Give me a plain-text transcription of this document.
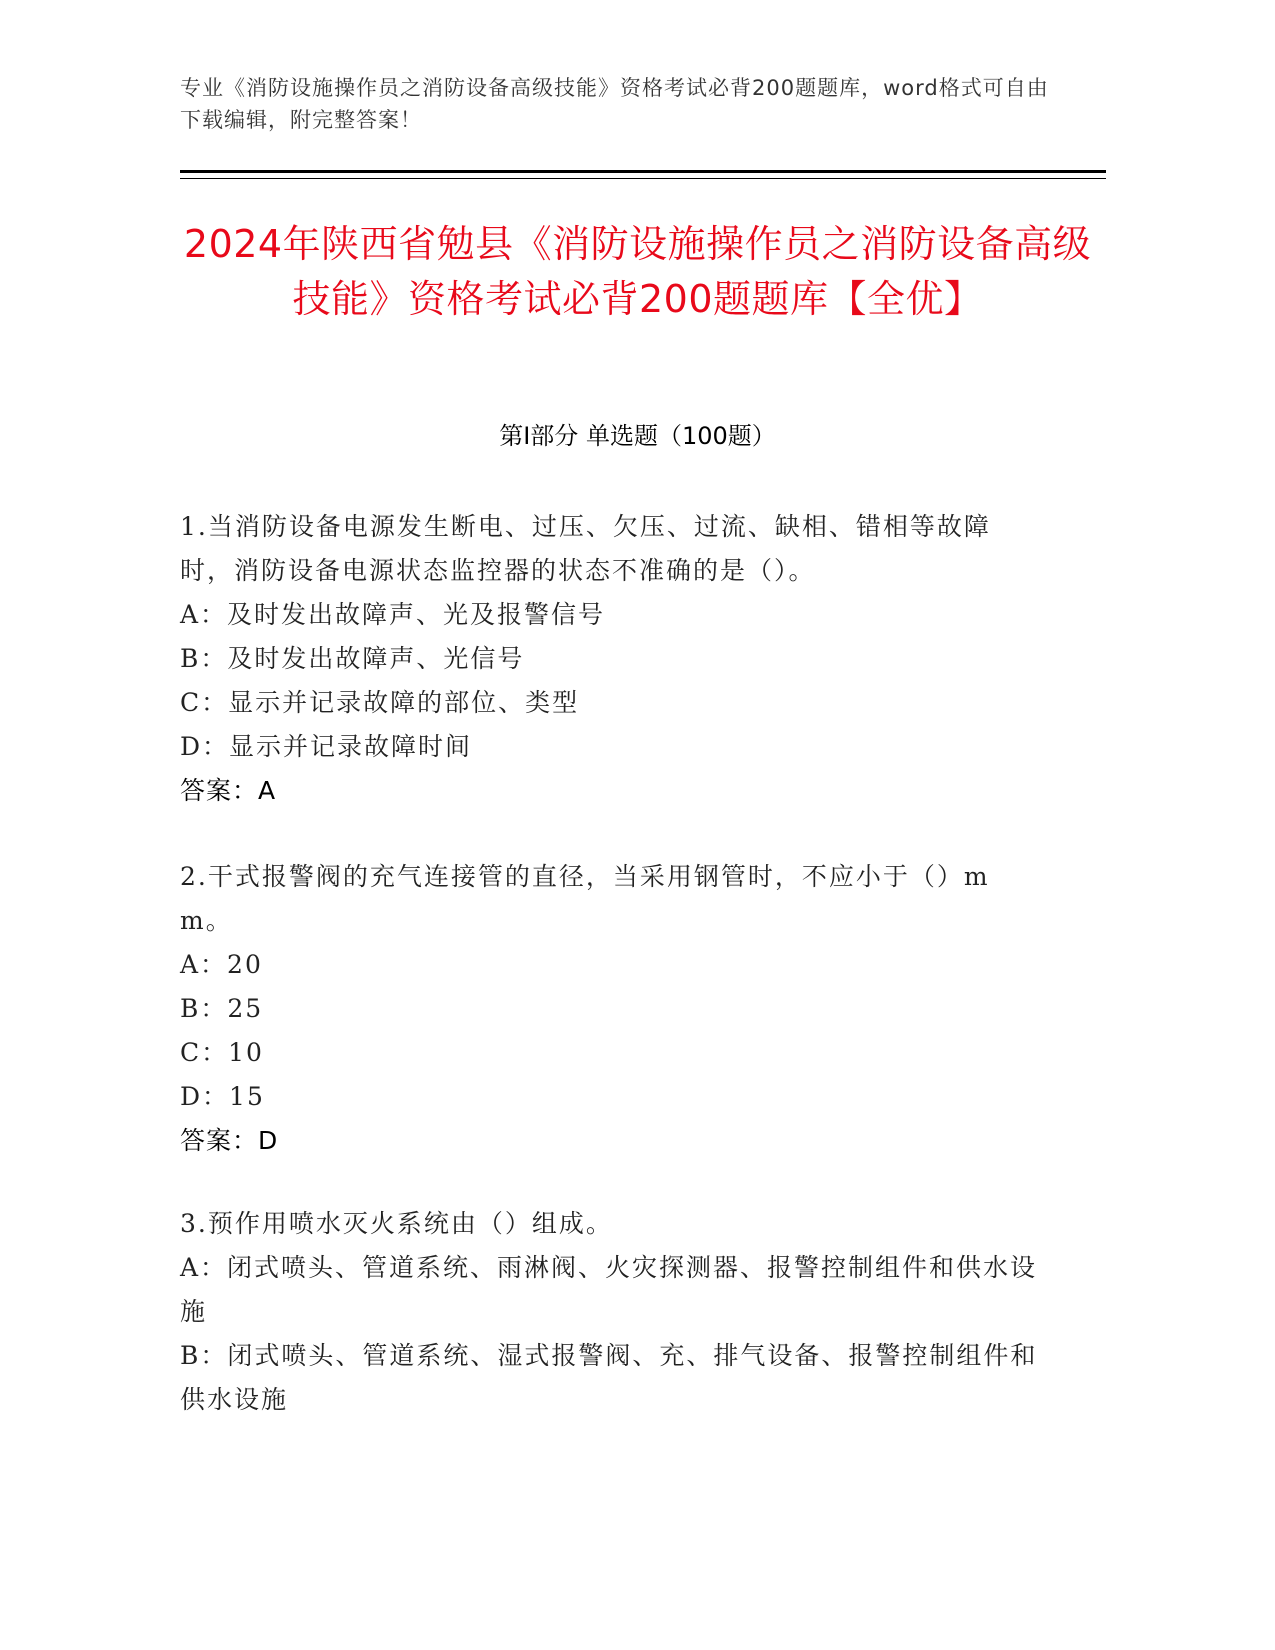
专业《消防设施操作员之消防设备高级技能》资格考试必背200题题库，word格式可自由下载编辑，附完整答案！
2024年陕西省勉县《消防设施操作员之消防设备高级技能》资格考试必背200题题库【全优】
第Ⅰ部分 单选题（100题）
1.当消防设备电源发生断电、过压、欠压、过流、缺相、错相等故障时，消防设备电源状态监控器的状态不准确的是（）。
A：及时发出故障声、光及报警信号
B：及时发出故障声、光信号
C：显示并记录故障的部位、类型
D：显示并记录故障时间
答案：A
2.干式报警阀的充气连接管的直径，当采用钢管时，不应小于（）mm。
A：20
B：25
C：10
D：15
答案：D
3.预作用喷水灭火系统由（）组成。
A：闭式喷头、管道系统、雨淋阀、火灾探测器、报警控制组件和供水设施
B：闭式喷头、管道系统、湿式报警阀、充、排气设备、报警控制组件和供水设施
